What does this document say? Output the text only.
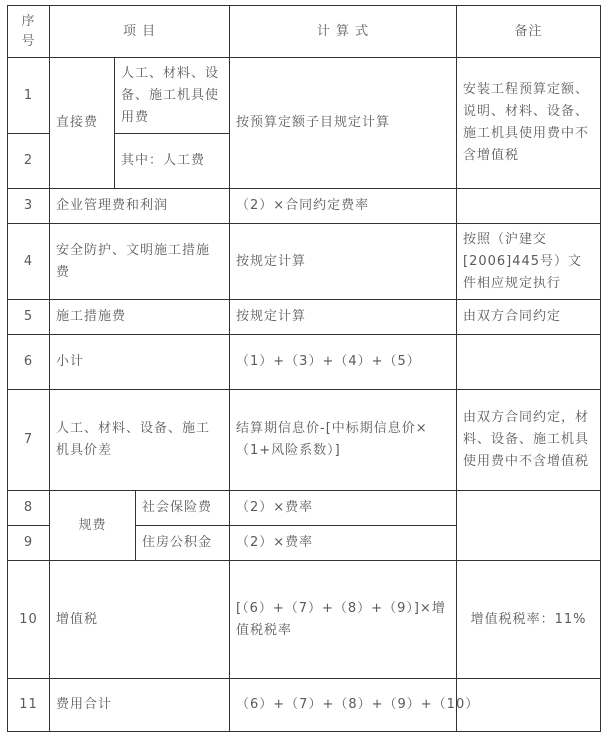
序号	项 目			计 算 式	备注
1	直接费	人工、材料、设备、施工机具使用费		按预算定额子目规定计算	安装工程预算定额、说明、材料、设备、施工机具使用费中不含增值税
2		其中：人工费			
3	企业管理费和利润			（2）×合同约定费率	
4	安全防护、文明施工措施费			按规定计算	按照（沪建交[2006]445号）文件相应规定执行
5	施工措施费			按规定计算	由双方合同约定
6	小计			（1）+（3）+（4）+（5）	
7	人工、材料、设备、施工机具价差			结算期信息价-[中标期信息价×（1+风险系数）]	由双方合同约定，材料、设备、施工机具使用费中不含增值税
8	规费		社会保险费	（2）×费率	
9			住房公积金	（2）×费率	
10	增值税			[（6）+（7）+（8）+（9）]×增值税税率	增值税税率：11%
11	费用合计			（6）+（7）+（8）+（9）+（10）	
